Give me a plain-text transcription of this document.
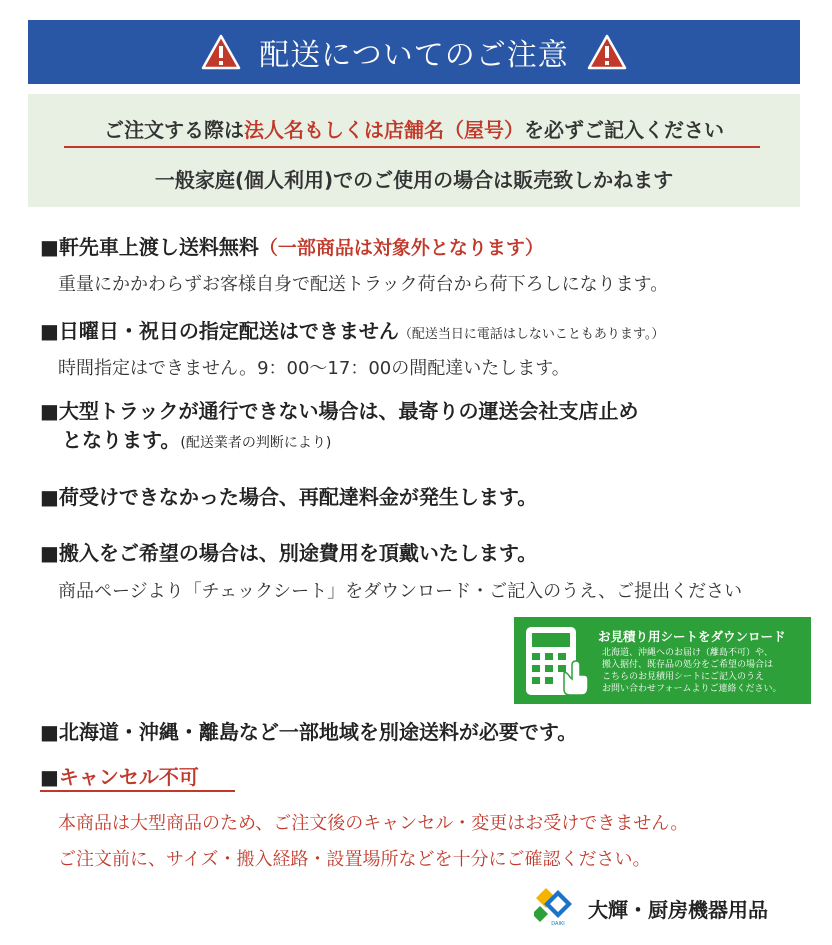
配送についてのご注意
ご注文する際は法人名もしくは店舗名（屋号）を必ずご記入ください
一般家庭(個人利用)でのご使用の場合は販売致しかねます
■軒先車上渡し送料無料（一部商品は対象外となります）
重量にかかわらずお客様自身で配送トラック荷台から荷下ろしになります。
■日曜日・祝日の指定配送はできません（配送当日に電話はしないこともあります。）
時間指定はできません。9：00～17：00の間配達いたします。
■大型トラックが通行できない場合は、最寄りの運送会社支店止め
となります。(配送業者の判断により)
■荷受けできなかった場合、再配達料金が発生します。
■搬入をご希望の場合は、別途費用を頂戴いたします。
商品ページより「チェックシート」をダウンロード・ご記入のうえ、ご提出ください
お見積り用シートをダウンロード
北海道、沖縄へのお届け（離島不可）や、
搬入据付、既存品の処分をご希望の場合は
こちらのお見積用シートにご記入のうえ
お問い合わせフォームよりご連絡ください。
■北海道・沖縄・離島など一部地域を別途送料が必要です。
■キャンセル不可
本商品は大型商品のため、ご注文後のキャンセル・変更はお受けできません。
ご注文前に、サイズ・搬入経路・設置場所などを十分にご確認ください。
DAIKI
大輝・厨房機器用品
